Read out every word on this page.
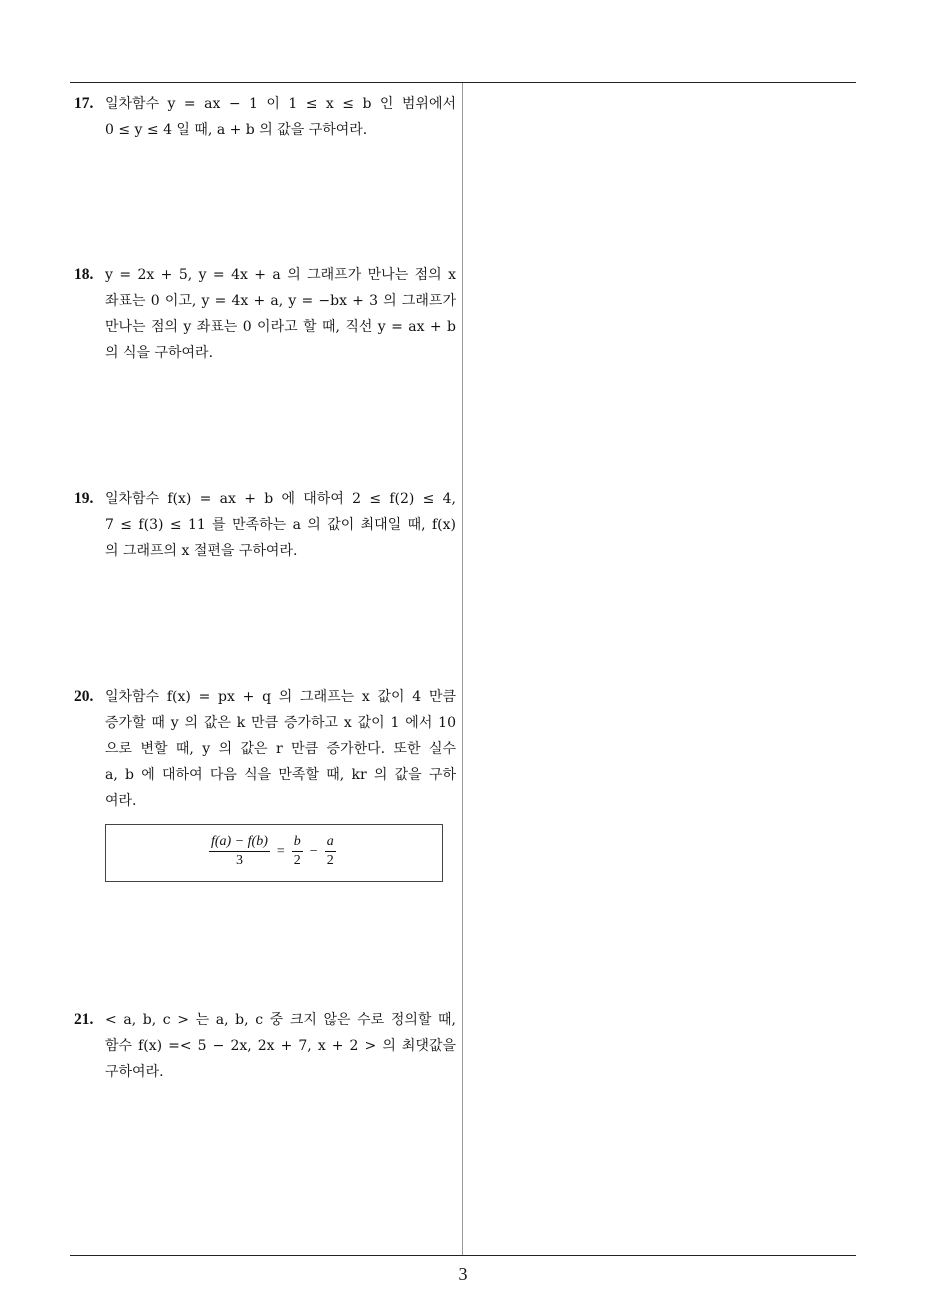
17. 일차함수 y = ax − 1 이 1 ≤ x ≤ b 인 범위에서
0 ≤ y ≤ 4 일 때, a + b 의 값을 구하여라.
18. y = 2x + 5, y = 4x + a 의 그래프가 만나는 점의 x
좌표는 0 이고, y = 4x + a, y = −bx + 3 의 그래프가
만나는 점의 y 좌표는 0 이라고 할 때, 직선 y = ax + b
의 식을 구하여라.
19. 일차함수 f(x) = ax + b 에 대하여 2 ≤ f(2) ≤ 4,
7 ≤ f(3) ≤ 11 를 만족하는 a 의 값이 최대일 때, f(x)
의 그래프의 x 절편을 구하여라.
20. 일차함수 f(x) = px + q 의 그래프는 x 값이 4 만큼
증가할 때 y 의 값은 k 만큼 증가하고 x 값이 1 에서 10
으로 변할 때, y 의 값은 r 만큼 증가한다. 또한 실수
a, b 에 대하여 다음 식을 만족할 때, kr 의 값을 구하
여라.
$\frac{f(a) - f(b)}{3} = \frac{b}{2} - \frac{a}{2}$
21. < a, b, c > 는 a, b, c 중 크지 않은 수로 정의할 때,
함수 f(x) =< 5 − 2x, 2x + 7, x + 2 > 의 최댓값을
구하여라.
3
